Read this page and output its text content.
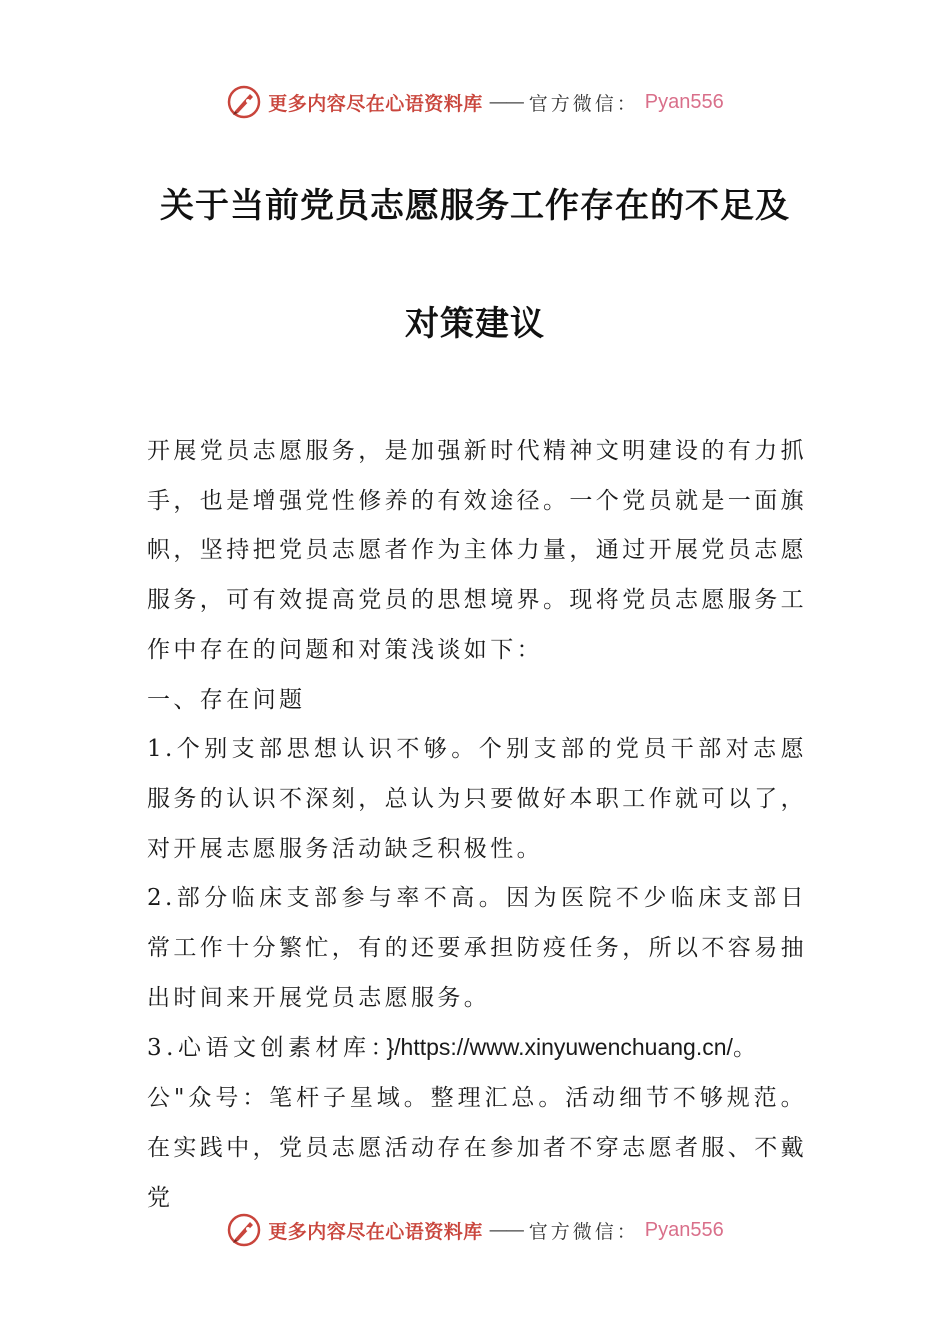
更多内容尽在心语资料库 —— 官方微信： Pyan556
关于当前党员志愿服务工作存在的不足及
对策建议

开展党员志愿服务，是加强新时代精神文明建设的有力抓手，也是增强党性修养的有效途径。一个党员就是一面旗帜，坚持把党员志愿者作为主体力量，通过开展党员志愿服务，可有效提高党员的思想境界。现将党员志愿服务工作中存在的问题和对策浅谈如下：

一、存在问题

1.个别支部思想认识不够。个别支部的党员干部对志愿服务的认识不深刻，总认为只要做好本职工作就可以了，对开展志愿服务活动缺乏积极性。

2.部分临床支部参与率不高。因为医院不少临床支部日常工作十分繁忙，有的还要承担防疫任务，所以不容易抽出时间来开展党员志愿服务。

3.心语文创素材库：}/https://www.xinyuwenchuang.cn/。

公"众号：笔杆子星域。整理汇总。活动细节不够规范。在实践中，党员志愿活动存在参加者不穿志愿者服、不戴党

更多内容尽在心语资料库 —— 官方微信： Pyan556
